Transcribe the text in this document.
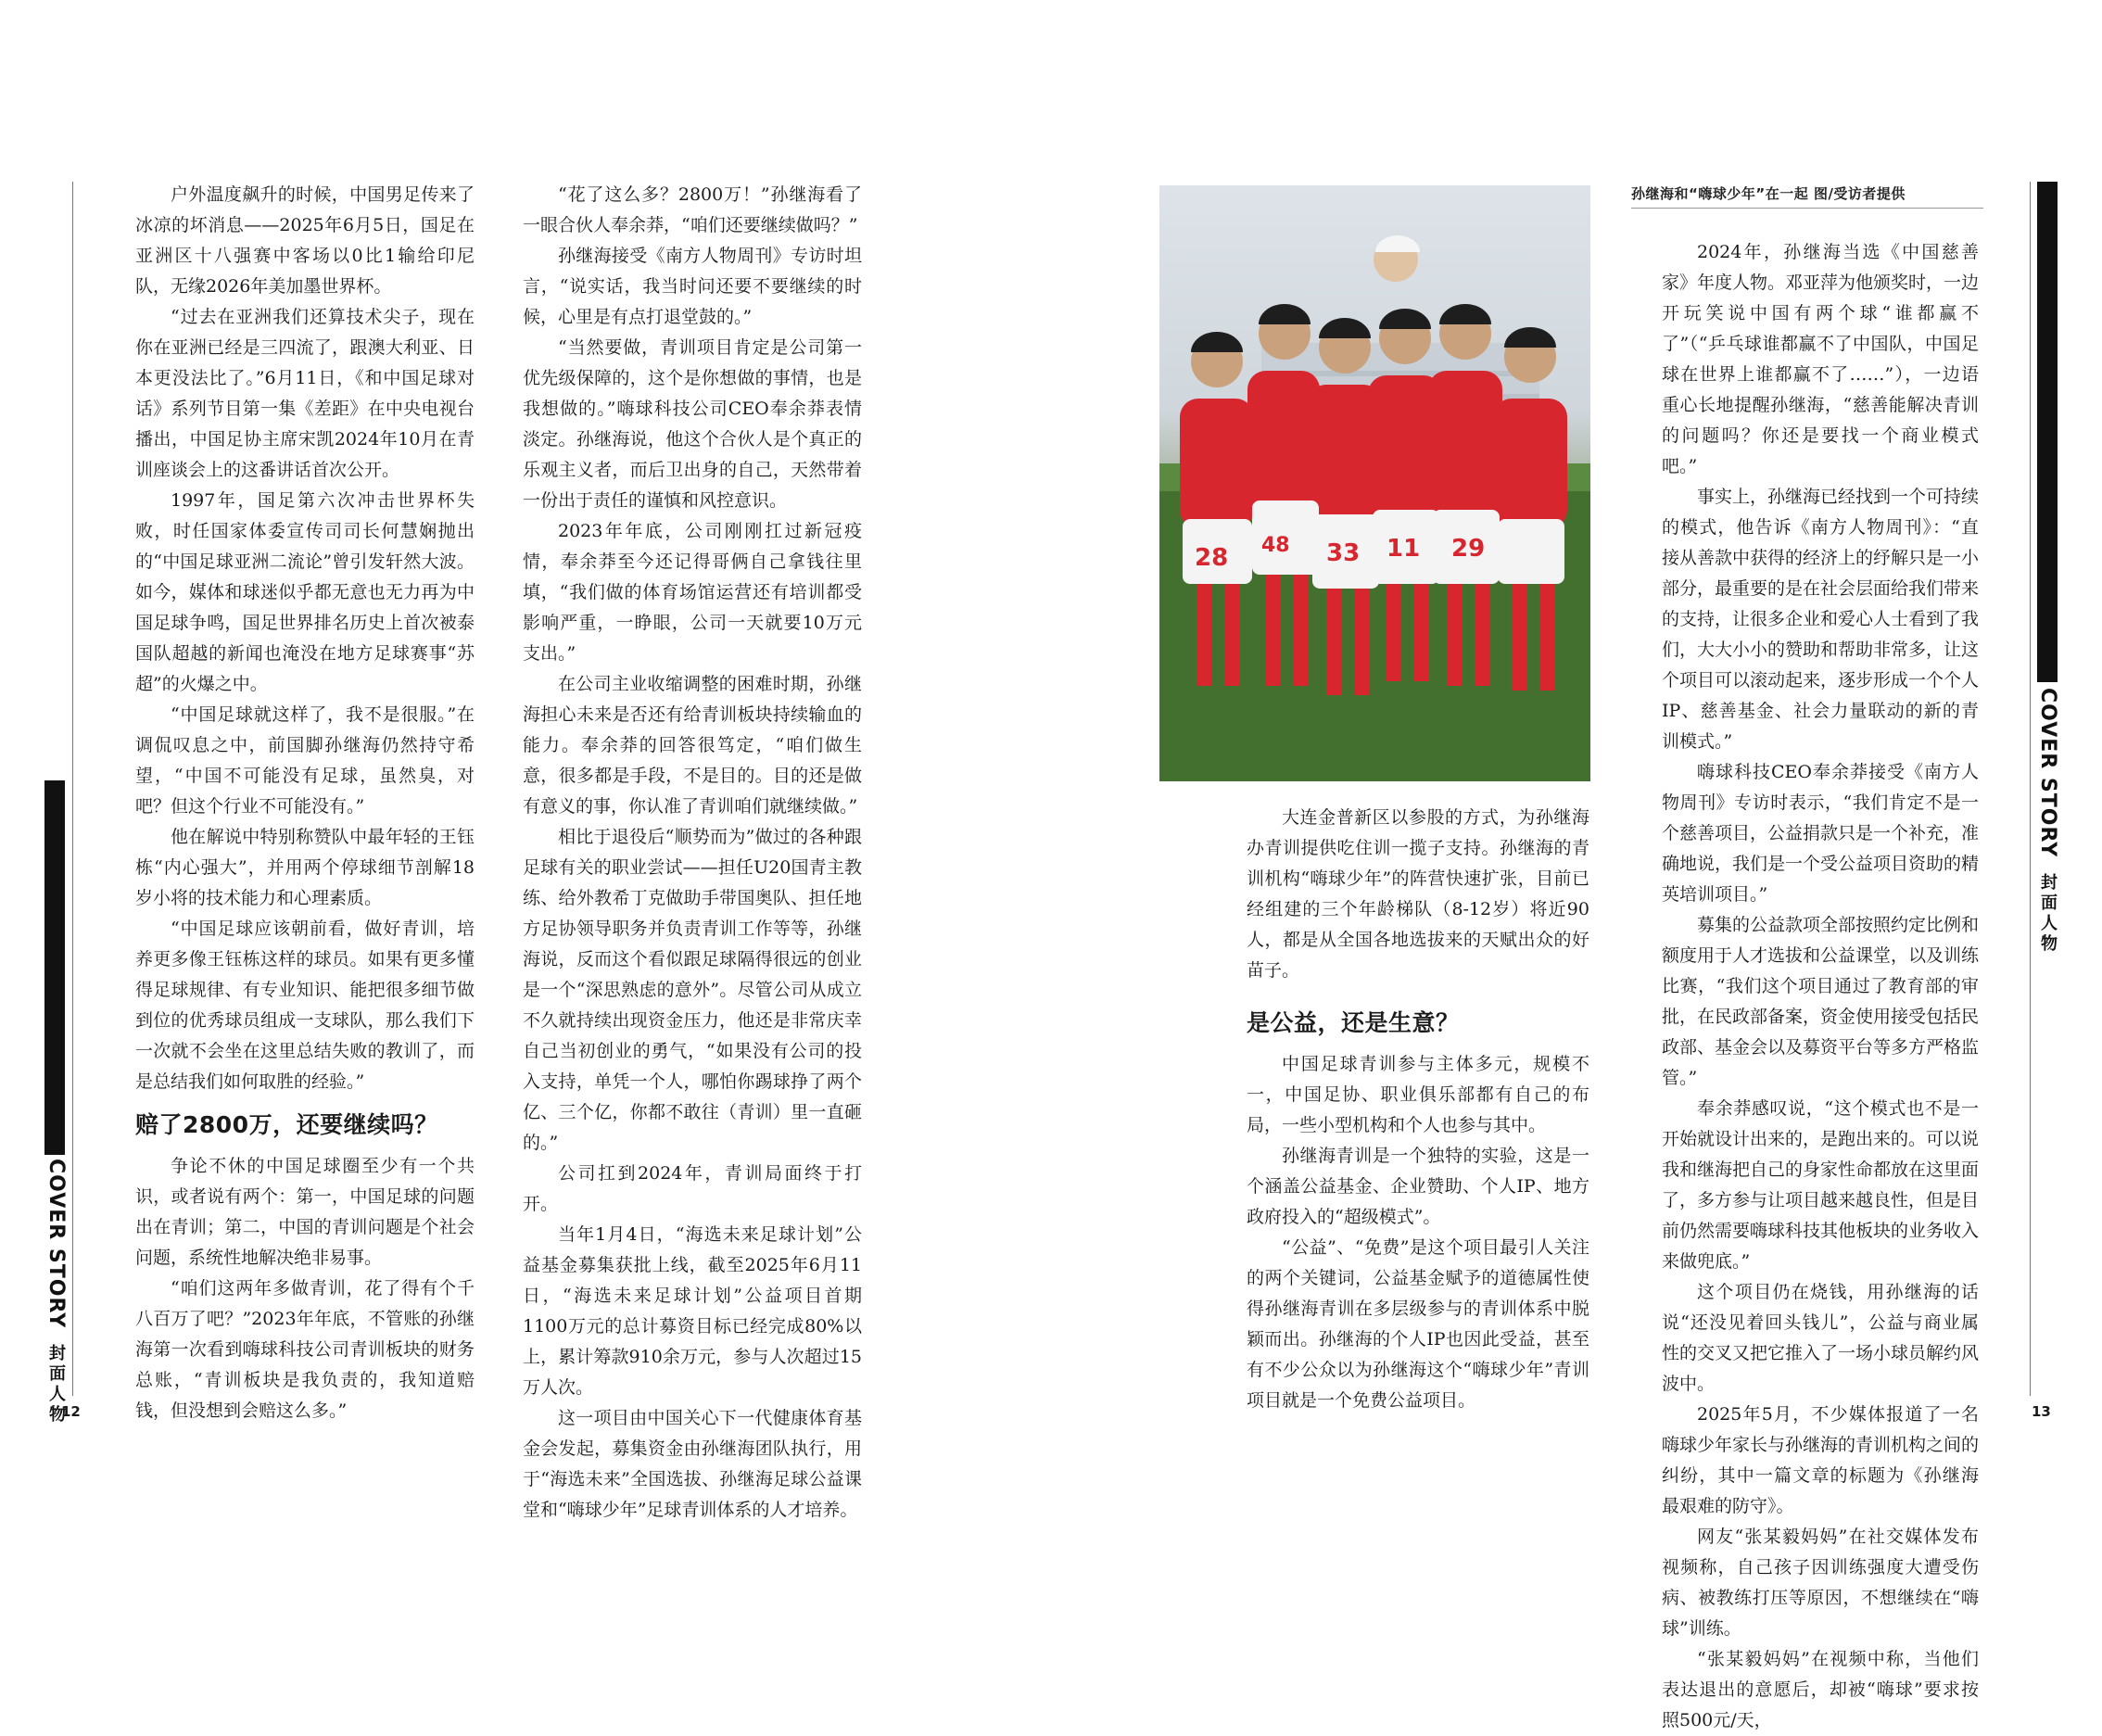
COVER STORY 封面人物

户外温度飙升的时候，中国男足传来了冰凉的坏消息——2025年6月5日，国足在亚洲区十八强赛中客场以0比1输给印尼队，无缘2026年美加墨世界杯。

“过去在亚洲我们还算技术尖子，现在你在亚洲已经是三四流了，跟澳大利亚、日本更没法比了。”6月11日，《和中国足球对话》系列节目第一集《差距》在中央电视台播出，中国足协主席宋凯2024年10月在青训座谈会上的这番讲话首次公开。

1997年，国足第六次冲击世界杯失败，时任国家体委宣传司司长何慧娴抛出的“中国足球亚洲二流论”曾引发轩然大波。如今，媒体和球迷似乎都无意也无力再为中国足球争鸣，国足世界排名历史上首次被泰国队超越的新闻也淹没在地方足球赛事“苏超”的火爆之中。

“中国足球就这样了，我不是很服。”在调侃叹息之中，前国脚孙继海仍然持守希望，“中国不可能没有足球，虽然臭，对吧？但这个行业不可能没有。”

他在解说中特别称赞队中最年轻的王钰栋“内心强大”，并用两个停球细节剖解18岁小将的技术能力和心理素质。

“中国足球应该朝前看，做好青训，培养更多像王钰栋这样的球员。如果有更多懂得足球规律、有专业知识、能把很多细节做到位的优秀球员组成一支球队，那么我们下一次就不会坐在这里总结失败的教训了，而是总结我们如何取胜的经验。”

赔了2800万，还要继续吗？

争论不休的中国足球圈至少有一个共识，或者说有两个：第一，中国足球的问题出在青训；第二，中国的青训问题是个社会问题，系统性地解决绝非易事。

“咱们这两年多做青训，花了得有个千八百万了吧？”2023年年底，不管账的孙继海第一次看到嗨球科技公司青训板块的财务总账，“青训板块是我负责的，我知道赔钱，但没想到会赔这么多。”

“花了这么多？2800万！”孙继海看了一眼合伙人奉余莽，“咱们还要继续做吗？”

孙继海接受《南方人物周刊》专访时坦言，“说实话，我当时问还要不要继续的时候，心里是有点打退堂鼓的。”

“当然要做，青训项目肯定是公司第一优先级保障的，这个是你想做的事情，也是我想做的。”嗨球科技公司CEO奉余莽表情淡定。孙继海说，他这个合伙人是个真正的乐观主义者，而后卫出身的自己，天然带着一份出于责任的谨慎和风控意识。

2023年年底，公司刚刚扛过新冠疫情，奉余莽至今还记得哥俩自己拿钱往里填，“我们做的体育场馆运营还有培训都受影响严重，一睁眼，公司一天就要10万元支出。”

在公司主业收缩调整的困难时期，孙继海担心未来是否还有给青训板块持续输血的能力。奉余莽的回答很笃定，“咱们做生意，很多都是手段，不是目的。目的还是做有意义的事，你认准了青训咱们就继续做。”

相比于退役后“顺势而为”做过的各种跟足球有关的职业尝试——担任U20国青主教练、给外教希丁克做助手带国奥队、担任地方足协领导职务并负责青训工作等等，孙继海说，反而这个看似跟足球隔得很远的创业是一个“深思熟虑的意外”。尽管公司从成立不久就持续出现资金压力，他还是非常庆幸自己当初创业的勇气，“如果没有公司的投入支持，单凭一个人，哪怕你踢球挣了两个亿、三个亿，你都不敢往（青训）里一直砸的。”

公司扛到2024年，青训局面终于打开。

当年1月4日，“海选未来足球计划”公益基金募集获批上线，截至2025年6月11日，“海选未来足球计划”公益项目首期1100万元的总计募资目标已经完成80%以上，累计筹款910余万元，参与人次超过15万人次。

这一项目由中国关心下一代健康体育基金会发起，募集资金由孙继海团队执行，用于“海选未来”全国选拔、孙继海足球公益课堂和“嗨球少年”足球青训体系的人才培养。

28 48 33 11 29
孙继海和“嗨球少年”在一起 图/受访者提供

大连金普新区以参股的方式，为孙继海办青训提供吃住训一揽子支持。孙继海的青训机构“嗨球少年”的阵营快速扩张，目前已经组建的三个年龄梯队（8-12岁）将近90人，都是从全国各地选拔来的天赋出众的好苗子。

是公益，还是生意？

中国足球青训参与主体多元，规模不一，中国足协、职业俱乐部都有自己的布局，一些小型机构和个人也参与其中。

孙继海青训是一个独特的实验，这是一个涵盖公益基金、企业赞助、个人IP、地方政府投入的“超级模式”。

“公益”、“免费”是这个项目最引人关注的两个关键词，公益基金赋予的道德属性使得孙继海青训在多层级参与的青训体系中脱颖而出。孙继海的个人IP也因此受益，甚至有不少公众以为孙继海这个“嗨球少年”青训项目就是一个免费公益项目。

2024年，孙继海当选《中国慈善家》年度人物。邓亚萍为他颁奖时，一边开玩笑说中国有两个球“谁都赢不了”（“乒乓球谁都赢不了中国队，中国足球在世界上谁都赢不了……”），一边语重心长地提醒孙继海，“慈善能解决青训的问题吗？你还是要找一个商业模式吧。”

事实上，孙继海已经找到一个可持续的模式，他告诉《南方人物周刊》：“直接从善款中获得的经济上的纾解只是一小部分，最重要的是在社会层面给我们带来的支持，让很多企业和爱心人士看到了我们，大大小小的赞助和帮助非常多，让这个项目可以滚动起来，逐步形成一个个人IP、慈善基金、社会力量联动的新的青训模式。”

嗨球科技CEO奉余莽接受《南方人物周刊》专访时表示，“我们肯定不是一个慈善项目，公益捐款只是一个补充，准确地说，我们是一个受公益项目资助的精英培训项目。”

募集的公益款项全部按照约定比例和额度用于人才选拔和公益课堂，以及训练比赛，“我们这个项目通过了教育部的审批，在民政部备案，资金使用接受包括民政部、基金会以及募资平台等多方严格监管。”

奉余莽感叹说，“这个模式也不是一开始就设计出来的，是跑出来的。可以说我和继海把自己的身家性命都放在这里面了，多方参与让项目越来越良性，但是目前仍然需要嗨球科技其他板块的业务收入来做兜底。”

这个项目仍在烧钱，用孙继海的话说“还没见着回头钱儿”，公益与商业属性的交叉又把它推入了一场小球员解约风波中。

2025年5月，不少媒体报道了一名嗨球少年家长与孙继海的青训机构之间的纠纷，其中一篇文章的标题为《孙继海 最艰难的防守》。

网友“张某毅妈妈”在社交媒体发布视频称，自己孩子因训练强度大遭受伤病、被教练打压等原因，不想继续在“嗨球”训练。

“张某毅妈妈”在视频中称，当他们表达退出的意愿后，却被“嗨球”要求按照500元/天，

COVER STORY 封面人物
12	13
